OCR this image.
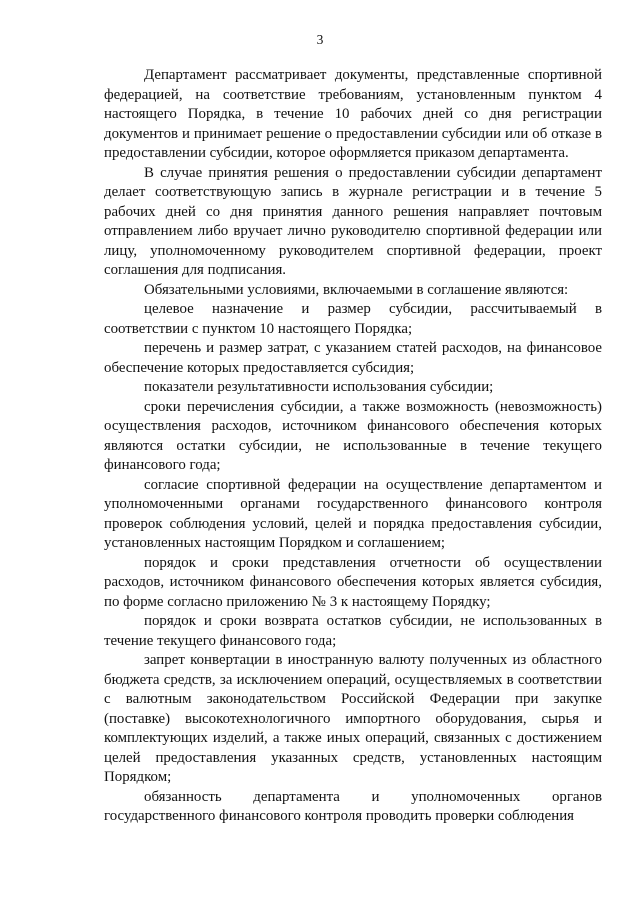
3

Департамент рассматривает документы, представленные спортивной федерацией, на соответствие требованиям, установленным пунктом 4 настоящего Порядка, в течение 10 рабочих дней со дня регистрации документов и принимает решение о предоставлении субсидии или об отказе в предоставлении субсидии, которое оформляется приказом департамента.

В случае принятия решения о предоставлении субсидии департамент делает соответствующую запись в журнале регистрации и в течение 5 рабочих дней со дня принятия данного решения направляет почтовым отправлением либо вручает лично руководителю спортивной федерации или лицу, уполномоченному руководителем спортивной федерации, проект соглашения для подписания.

Обязательными условиями, включаемыми в соглашение являются:

целевое назначение и размер субсидии, рассчитываемый в соответствии с пунктом 10 настоящего Порядка;

перечень и размер затрат, с указанием статей расходов, на финансовое обеспечение которых предоставляется субсидия;

показатели результативности использования субсидии;

сроки перечисления субсидии, а также возможность (невозможность) осуществления расходов, источником финансового обеспечения которых являются остатки субсидии, не использованные в течение текущего финансового года;

согласие спортивной федерации на осуществление департаментом и уполномоченными органами государственного финансового контроля проверок соблюдения условий, целей и порядка предоставления субсидии, установленных настоящим Порядком и соглашением;

порядок и сроки представления отчетности об осуществлении расходов, источником финансового обеспечения которых является субсидия, по форме согласно приложению № 3 к настоящему Порядку;

порядок и сроки возврата остатков субсидии, не использованных в течение текущего финансового года;

запрет конвертации в иностранную валюту полученных из областного бюджета средств, за исключением операций, осуществляемых в соответствии с валютным законодательством Российской Федерации при закупке (поставке) высокотехнологичного импортного оборудования, сырья и комплектующих изделий, а также иных операций, связанных с достижением целей предоставления указанных средств, установленных настоящим Порядком;

обязанность департамента и уполномоченных органов государственного финансового контроля проводить проверки соблюдения
